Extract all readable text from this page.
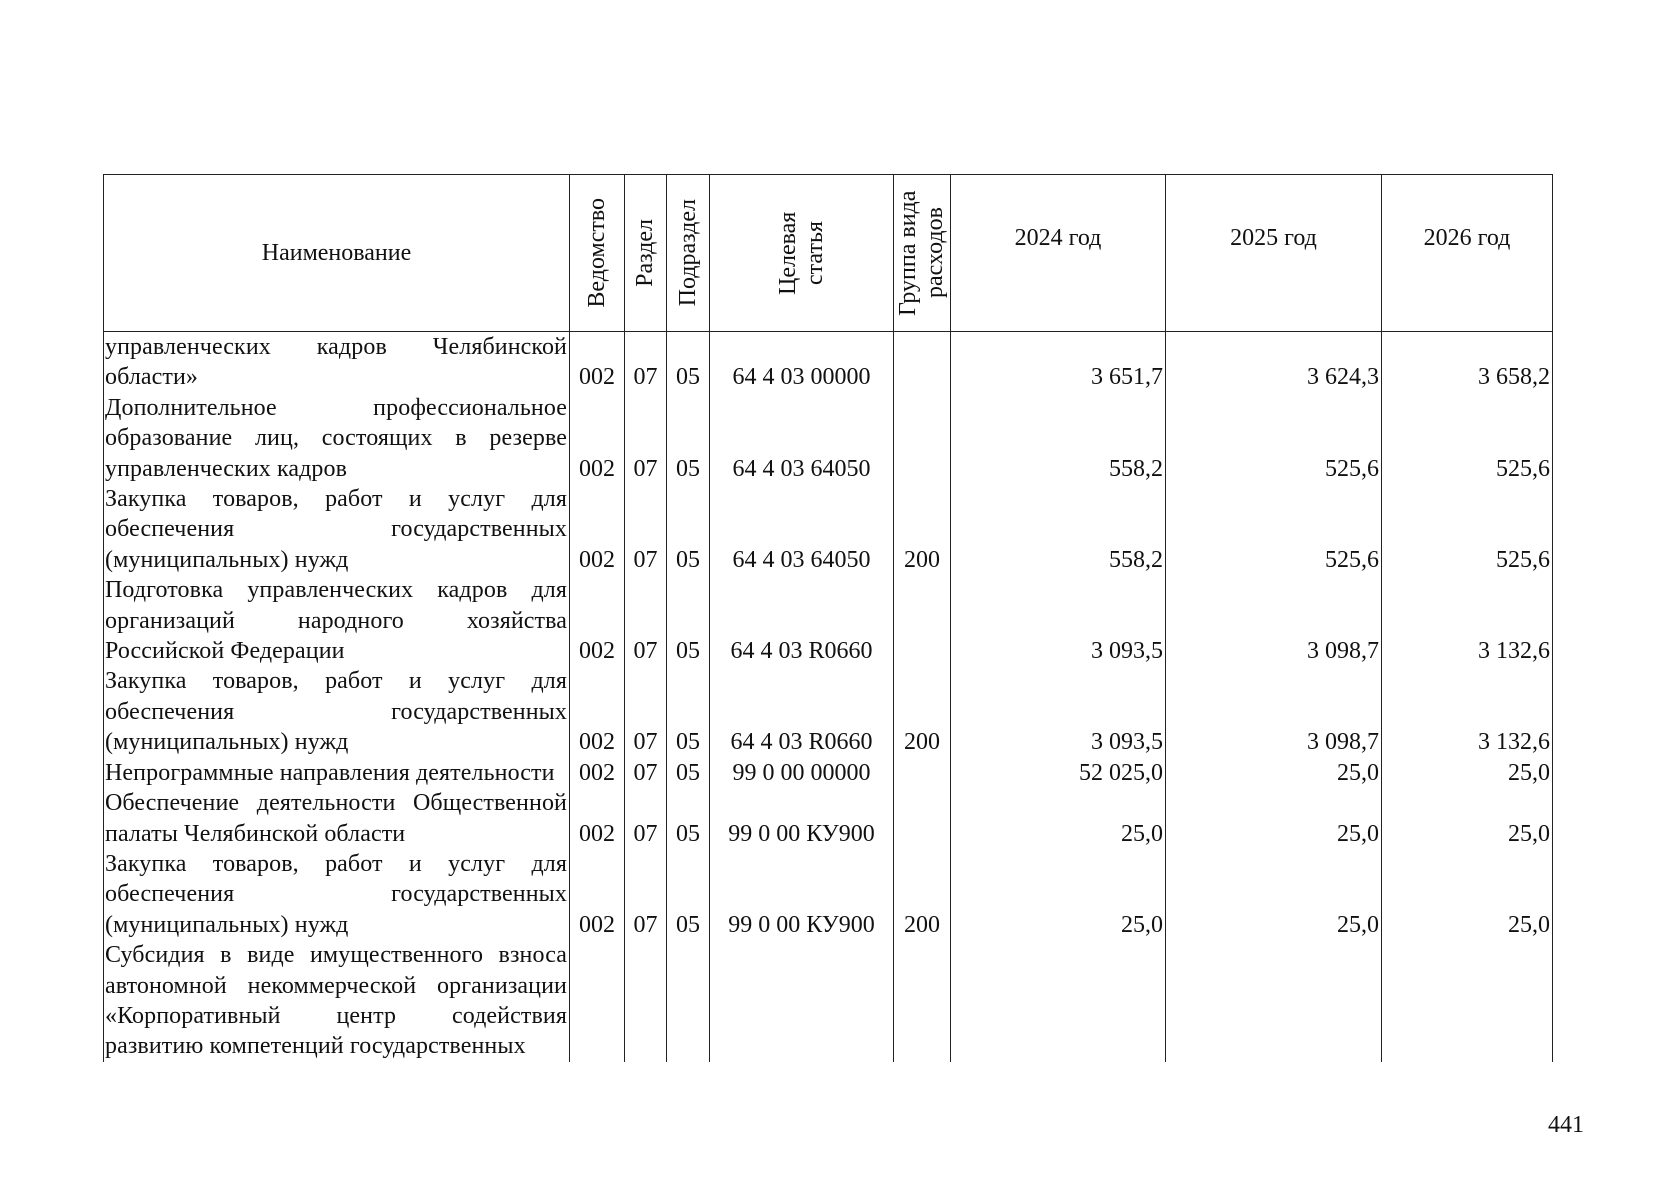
Наименование	Ведомство	Раздел	Подраздел	Целевая статья	Группа вида расходов	2024 год	2025 год	2026 год

управленческих кадров Челябинской области»	002	07	05	64 4 03 00000		3 651,7	3 624,3	3 658,2
Дополнительное профессиональное образование лиц, состоящих в резерве управленческих кадров	002	07	05	64 4 03 64050		558,2	525,6	525,6
Закупка товаров, работ и услуг для обеспечения государственных (муниципальных) нужд	002	07	05	64 4 03 64050	200	558,2	525,6	525,6
Подготовка управленческих кадров для организаций народного хозяйства Российской Федерации	002	07	05	64 4 03 R0660		3 093,5	3 098,7	3 132,6
Закупка товаров, работ и услуг для обеспечения государственных (муниципальных) нужд	002	07	05	64 4 03 R0660	200	3 093,5	3 098,7	3 132,6
Непрограммные направления деятельности	002	07	05	99 0 00 00000		52 025,0	25,0	25,0
Обеспечение деятельности Общественной палаты Челябинской области	002	07	05	99 0 00 КУ900		25,0	25,0	25,0
Закупка товаров, работ и услуг для обеспечения государственных (муниципальных) нужд	002	07	05	99 0 00 КУ900	200	25,0	25,0	25,0
Субсидия в виде имущественного взноса автономной некоммерческой организации «Корпоративный центр содействия развитию компетенций государственных								
441
